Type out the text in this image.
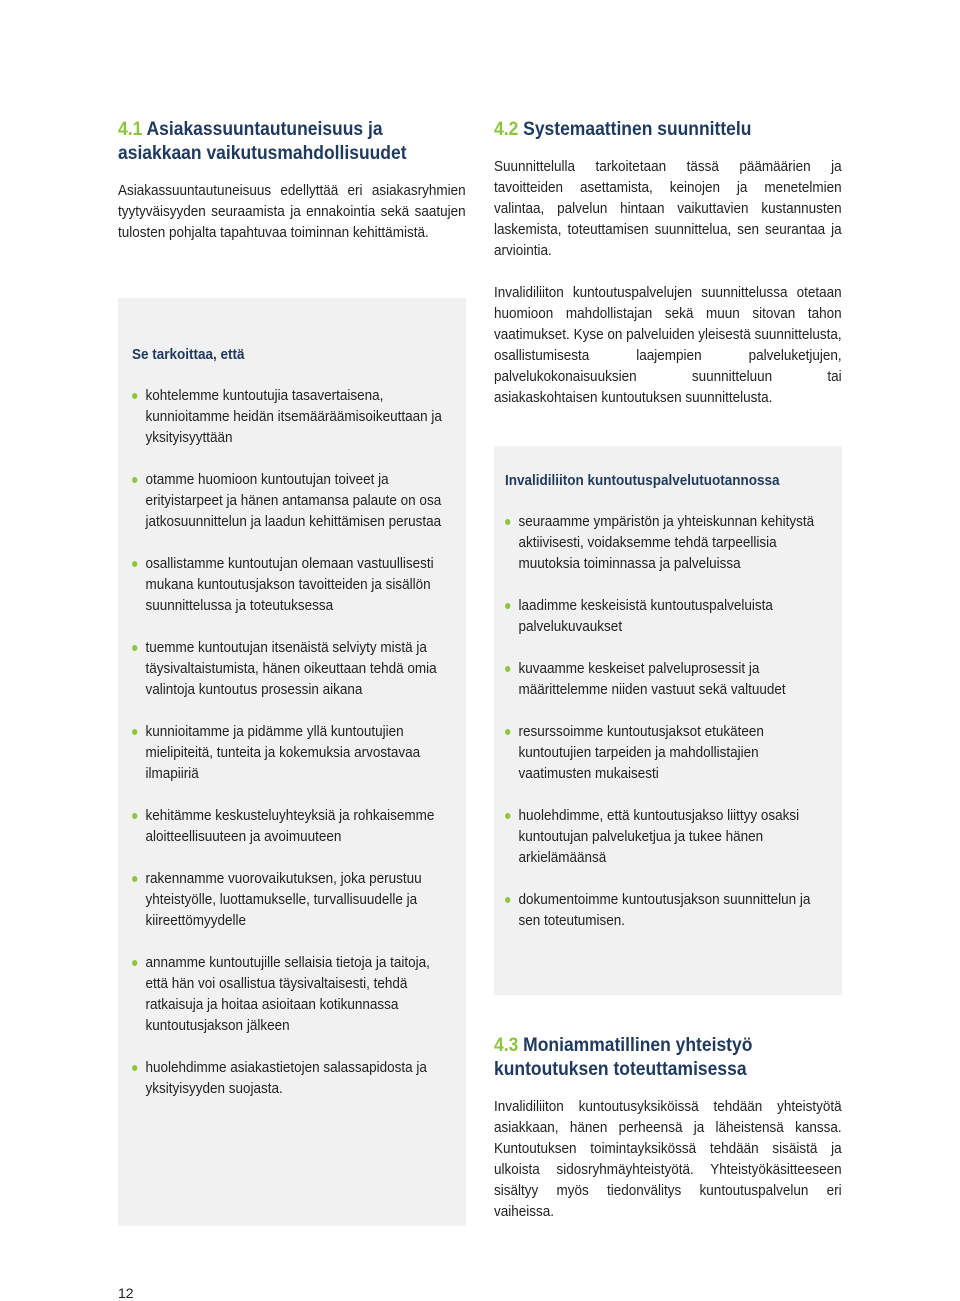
4.1 Asiakassuuntautuneisuus ja asiakkaan vaikutusmahdollisuudet

Asiakassuuntautuneisuus edellyttää eri asiakasryhmien tyytyväisyyden seuraamista ja ennakointia sekä saatujen tulosten pohjalta tapahtuvaa toiminnan kehittämistä.

Se tarkoittaa, että
kohtelemme kuntoutujia tasavertaisena, kunnioitamme heidän itsemääräämisoikeuttaan ja yksityisyyttään
otamme huomioon kuntoutujan toiveet ja erityistarpeet ja hänen antamansa palaute on osa jatkosuunnittelun ja laadun kehittämisen perustaa
osallistamme kuntoutujan olemaan vastuullisesti mukana kuntoutusjakson tavoitteiden ja sisällön suunnittelussa ja toteutuksessa
tuemme kuntoutujan itsenäistä selviyty mistä ja täysivaltaistumista, hänen oikeuttaan tehdä omia valintoja kuntoutus prosessin aikana
kunnioitamme ja pidämme yllä kuntoutujien mielipiteitä, tunteita ja kokemuksia arvostavaa ilmapiiriä
kehitämme keskusteluyhteyksiä ja rohkaisemme aloitteellisuuteen ja avoimuuteen
rakennamme vuorovaikutuksen, joka perustuu yhteistyölle, luottamukselle, turvallisuudelle ja kiireettömyydelle
annamme kuntoutujille sellaisia tietoja ja taitoja, että hän voi osallistua täysivaltaisesti, tehdä ratkaisuja ja hoitaa asioitaan kotikunnassa kuntoutusjakson jälkeen
huolehdimme asiakastietojen salassapidosta ja yksityisyyden suojasta.
4.2 Systemaattinen suunnittelu

Suunnittelulla tarkoitetaan tässä päämäärien ja tavoitteiden asettamista, keinojen ja menetelmien valintaa, palvelun hintaan vaikuttavien kustannusten laskemista, toteuttamisen suunnittelua, sen seurantaa ja arviointia.

Invalidiliiton kuntoutuspalvelujen suunnittelussa otetaan huomioon mahdollistajan sekä muun sitovan tahon vaatimukset. Kyse on palveluiden yleisestä suunnittelusta, osallistumisesta laajempien palveluketjujen, palvelukokonaisuuksien suunnitteluun tai asiakaskohtaisen kuntoutuksen suunnittelusta.

Invalidiliiton kuntoutuspalvelutuotannossa
seuraamme ympäristön ja yhteiskunnan kehitystä aktiivisesti, voidaksemme tehdä tarpeellisia muutoksia toiminnassa ja palveluissa
laadimme keskeisistä kuntoutuspalveluista palvelukuvaukset
kuvaamme keskeiset palveluprosessit ja määrittelemme niiden vastuut sekä valtuudet
resurssoimme kuntoutusjaksot etukäteen kuntoutujien tarpeiden ja mahdollistajien vaatimusten mukaisesti
huolehdimme, että kuntoutusjakso liittyy osaksi kuntoutujan palveluketjua ja tukee hänen arkielämäänsä
dokumentoimme kuntoutusjakson suunnittelun ja sen toteutumisen.
4.3 Moniammatillinen yhteistyö kuntoutuksen toteuttamisessa

Invalidiliiton kuntoutusyksiköissä tehdään yhteistyötä asiakkaan, hänen perheensä ja läheistensä kanssa. Kuntoutuksen toimintayksikössä tehdään sisäistä ja ulkoista sidosryhmäyhteistyötä. Yhteistyökäsitteeseen sisältyy myös tiedonvälitys kuntoutuspalvelun eri vaiheissa.

12
